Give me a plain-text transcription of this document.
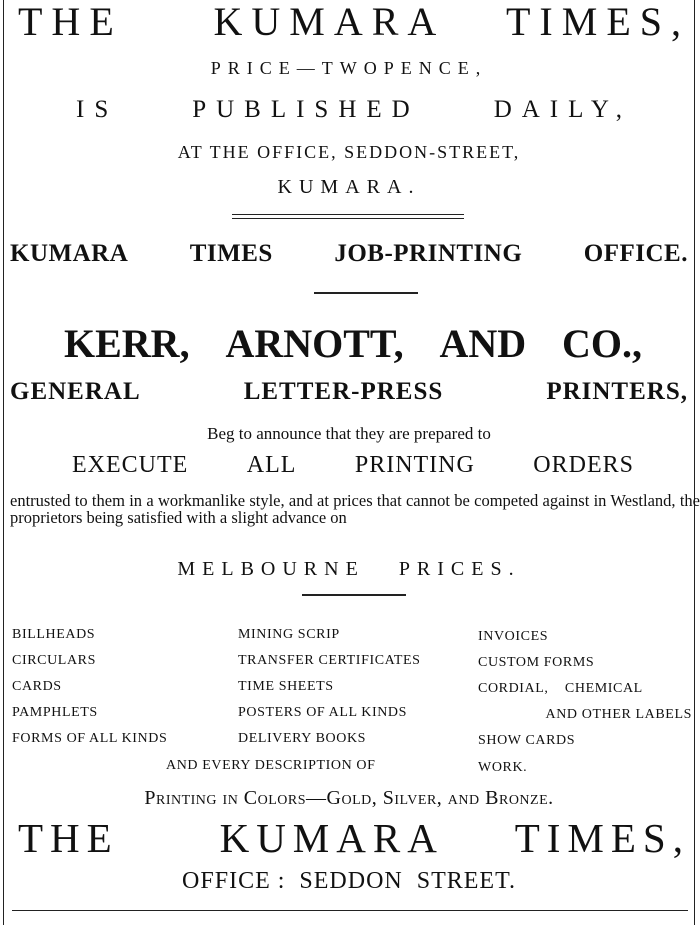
THE KUMARA TIMES,
PRICE—TWOPENCE,
IS	PUBLISHED	DAILY,
AT THE OFFICE, SEDDON-STREET,
KUMARA.
KUMARA TIMES JOB-PRINTING OFFICE.
KERR, ARNOTT, AND CO.,
GENERAL	LETTER-PRESS	PRINTERS,
Beg to announce that they are prepared to
EXECUTE ALL PRINTING ORDERS
entrusted to them in a workmanlike style, and at prices that cannot be competed against in Westland, the proprietors being satisfied with a slight advance on
MELBOURNE PRICES.
BILLHEADS
CIRCULARS
CARDS
PAMPHLETS
FORMS OF ALL KINDS
MINING SCRIP
TRANSFER CERTIFICATES
TIME SHEETS
POSTERS OF ALL KINDS
DELIVERY BOOKS
INVOICES
CUSTOM FORMS
CORDIAL,    CHEMICAL
AND OTHER LABELS
SHOW CARDS
AND EVERY DESCRIPTION OF	WORK.
Printing in Colors—Gold, Silver, and Bronze.
THE KUMARA TIMES,
OFFICE :  SEDDON  STREET.
